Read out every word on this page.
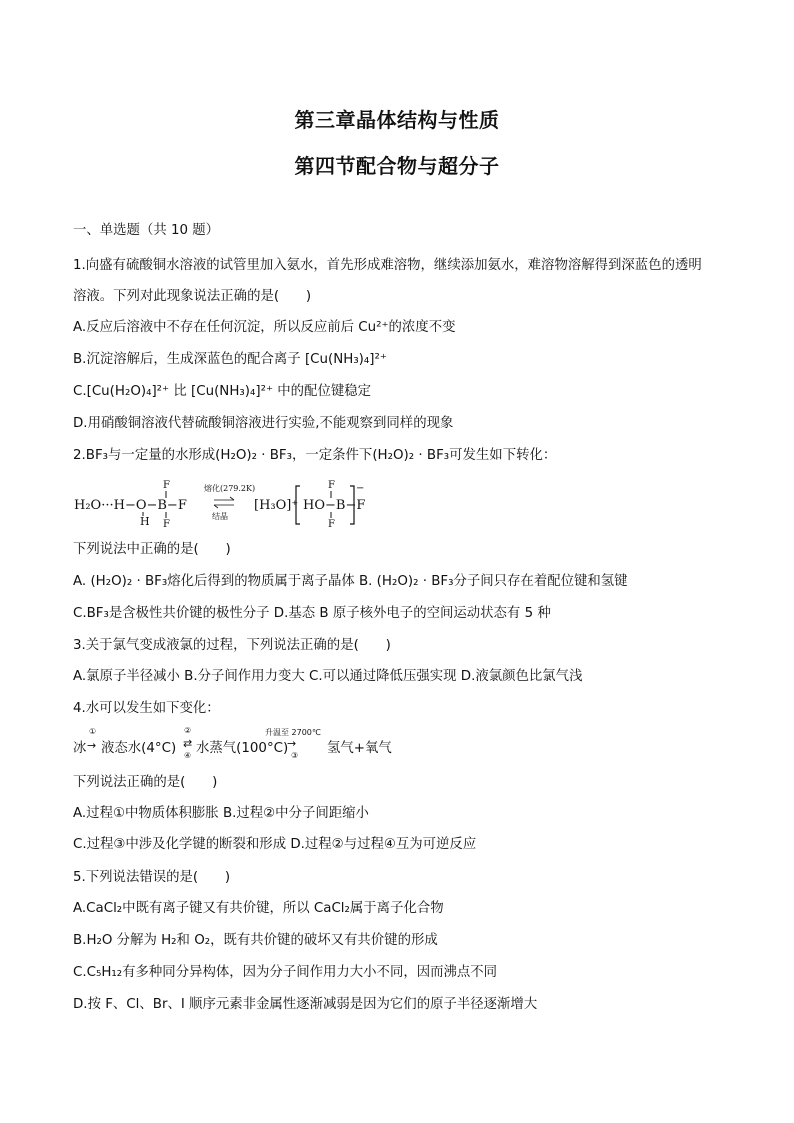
第三章晶体结构与性质
第四节配合物与超分子
一、单选题（共 10 题）
1.向盛有硫酸铜水溶液的试管里加入氨水，首先形成难溶物，继续添加氨水，难溶物溶解得到深蓝色的透明
溶液。下列对此现象说法正确的是(　　)
A.反应后溶液中不存在任何沉淀，所以反应前后 Cu²⁺的浓度不变
B.沉淀溶解后，生成深蓝色的配合离子 [Cu(NH₃)₄]²⁺
C.[Cu(H₂O)₄]²⁺ 比 [Cu(NH₃)₄]²⁺ 中的配位键稳定
D.用硝酸铜溶液代替硫酸铜溶液进行实验,不能观察到同样的现象
2.BF₃与一定量的水形成(H₂O)₂ · BF₃，一定条件下(H₂O)₂ · BF₃可发生如下转化：
H₂O···H−O−B−F
F
F
H
熔化(279.2K)
结晶
[H₃O]⁺ HO−B−F
F
F
−
下列说法中正确的是(　　)
A. (H₂O)₂ · BF₃熔化后得到的物质属于离子晶体 B. (H₂O)₂ · BF₃分子间只存在着配位键和氢键
C.BF₃是含极性共价键的极性分子 D.基态 B 原子核外电子的空间运动状态有 5 种
3.关于氯气变成液氯的过程，下列说法正确的是(　　)
A.氯原子半径减小 B.分子间作用力变大 C.可以通过降低压强实现 D.液氯颜色比氯气浅
4.水可以发生如下变化：
冰
①
→ 液态水(4°C)
②
⇄
④ 水蒸气(100°C)
升温至 2700℃
→
③ 氢气+氧气
下列说法正确的是(　　)
A.过程①中物质体积膨胀 B.过程②中分子间距缩小
C.过程③中涉及化学键的断裂和形成 D.过程②与过程④互为可逆反应
5.下列说法错误的是(　　)
A.CaCl₂中既有离子键又有共价键，所以 CaCl₂属于离子化合物
B.H₂O 分解为 H₂和 O₂，既有共价键的破坏又有共价键的形成
C.C₅H₁₂有多种同分异构体，因为分子间作用力大小不同，因而沸点不同
D.按 F、Cl、Br、I 顺序元素非金属性逐渐减弱是因为它们的原子半径逐渐增大
